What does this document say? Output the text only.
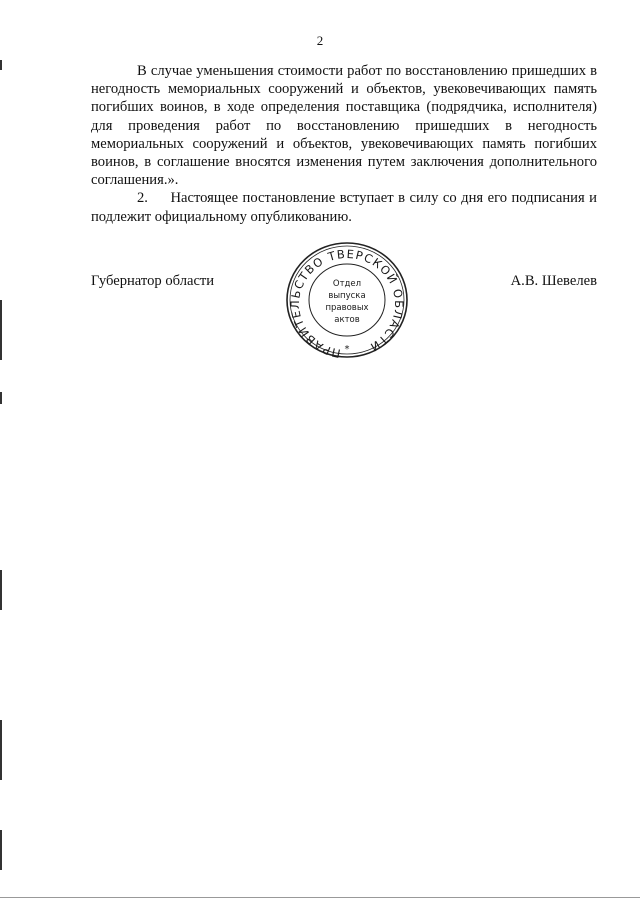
2

В случае уменьшения стоимости работ по восстановлению пришедших в негодность мемориальных сооружений и объектов, увековечивающих память погибших воинов, в ходе определения поставщика (подрядчика, исполнителя) для проведения работ по восстановлению пришедших в негодность мемориальных сооружений и объектов, увековечивающих память погибших воинов, в соглашение вносятся изменения путем заключения дополнительного соглашения.».

2.     Настоящее постановление вступает в силу со дня его подписания и подлежит официальному опубликованию.

Губернатор области	А.В. Шевелев
ПРАВИТЕЛЬСТВО ТВЕРСКОЙ ОБЛАСТИ
Отдел
выпуска
правовых
актов
*
